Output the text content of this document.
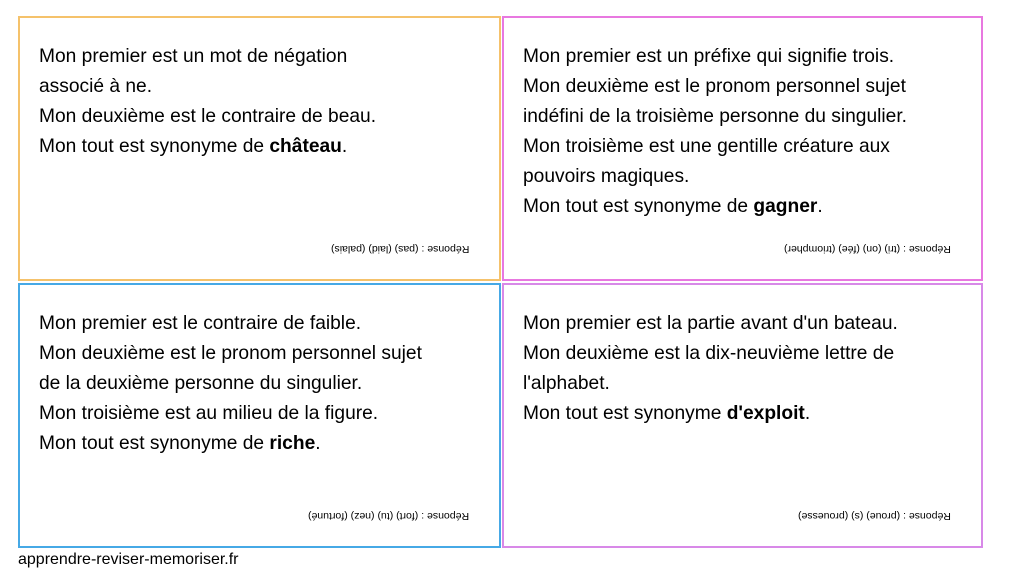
Mon premier est un mot de négation
associé à ne.
Mon deuxième est le contraire de beau.
Mon tout est synonyme de château.
Réponse : (pas) (laid) (palais)
Mon premier est un préfixe qui signifie trois.
Mon deuxième est le pronom personnel sujet
indéfini de la troisième personne du singulier.
Mon troisième est une gentille créature aux
pouvoirs magiques.
Mon tout est synonyme de gagner.
Réponse : (tri) (on) (fée) (triompher)
Mon premier est le contraire de faible.
Mon deuxième est le pronom personnel sujet
de la deuxième personne du singulier.
Mon troisième est au milieu de la figure.
Mon tout est synonyme de riche.
Réponse : (fort) (tu) (nez) (fortuné)
Mon premier est la partie avant d'un bateau.
Mon deuxième est la dix-neuvième lettre de
l'alphabet.
Mon tout est synonyme d'exploit.
Réponse : (proue) (s) (prouesse)
apprendre-reviser-memoriser.fr
